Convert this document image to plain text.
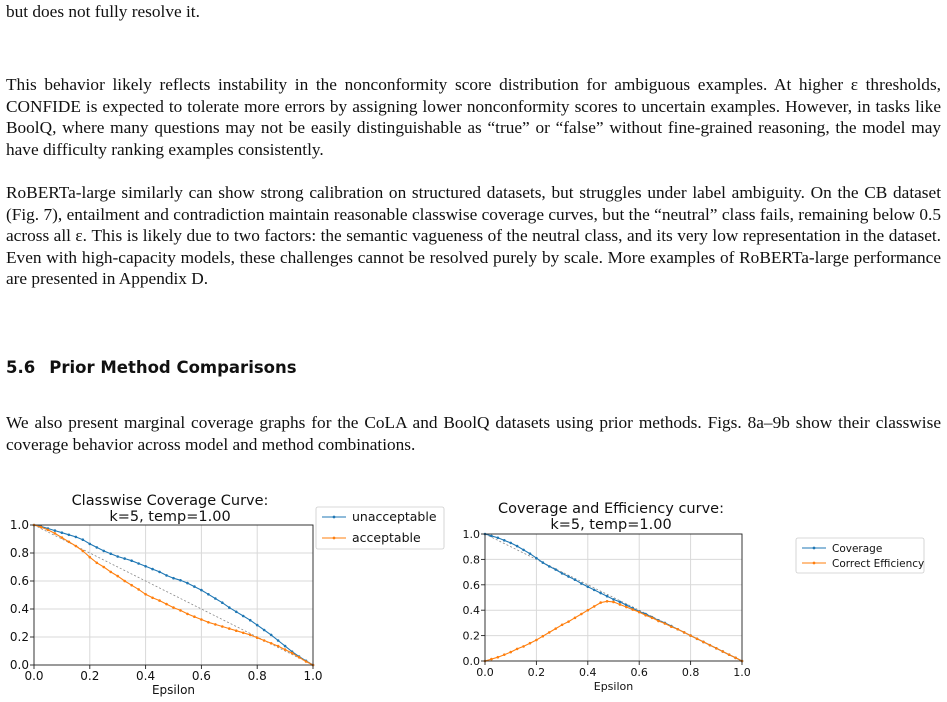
but does not fully resolve it.

This behavior likely reflects instability in the nonconformity score distribution for ambiguous examples. At higher ε thresholds, CONFIDE is expected to tolerate more errors by assigning lower nonconformity scores to uncertain examples. However, in tasks like BoolQ, where many questions may not be easily distinguishable as “true” or “false” without fine-grained reasoning, the model may have difficulty ranking examples consistently.

RoBERTa-large similarly can show strong calibration on structured datasets, but struggles under label ambiguity. On the CB dataset (Fig. 7), entailment and contradiction maintain reasonable classwise coverage curves, but the “neutral” class fails, remaining below 0.5 across all ε. This is likely due to two factors: the semantic vagueness of the neutral class, and its very low representation in the dataset. Even with high-capacity models, these challenges cannot be resolved purely by scale. More examples of RoBERTa-large performance are presented in Appendix D.

5.6 Prior Method Comparisons

We also present marginal coverage graphs for the CoLA and BoolQ datasets using prior methods. Figs. 8a–9b show their classwise coverage behavior across model and method combinations.

Classwise Coverage Curve:
k=5, temp=1.00
0.0	0.2	0.4	0.6	0.8	1.0
0.0
0.2
0.4
0.6
0.8
1.0
Epsilon
unacceptable
acceptable
Coverage and Efficiency curve:
k=5, temp=1.00
0.0	0.2	0.4	0.6	0.8	1.0
0.0
0.2
0.4
0.6
0.8
1.0
Epsilon
Coverage
Correct Efficiency
